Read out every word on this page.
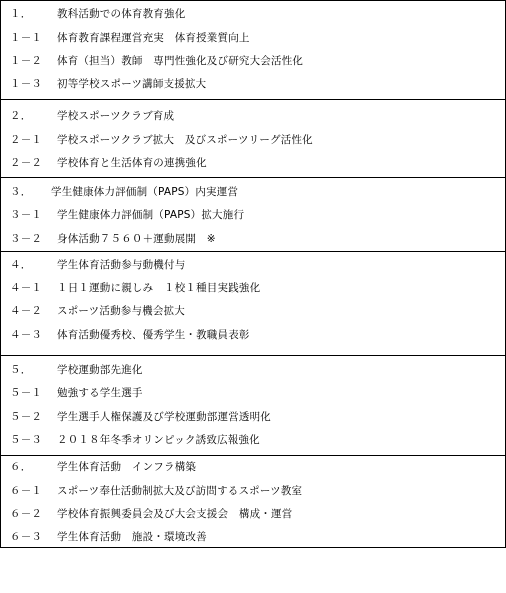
１．

教科活動での体育教育強化

１－１

体育教育課程運営充実　体育授業質向上

１－２

体育（担当）教師　専門性強化及び研究大会活性化

１－３

初等学校スポーツ講師支援拡大

２．

学校スポーツクラブ育成

２－１

学校スポーツクラブ拡大　及びスポーツリーグ活性化

２－２

学校体育と生活体育の連携強化

３．

学生健康体力評価制（PAPS）内実運営

３－１

学生健康体力評価制（PAPS）拡大施行

３－２

身体活動７５６０＋運動展開　※

４．

学生体育活動参与動機付与

４－１

１日１運動に親しみ　１校１種目実践強化

４－２

スポーツ活動参与機会拡大

４－３

体育活動優秀校、優秀学生・教職員表彰

５．

学校運動部先進化

５－１

勉強する学生選手

５－２

学生選手人権保護及び学校運動部運営透明化

５－３

２０１８年冬季オリンピック誘致広報強化

６．

学生体育活動　インフラ構築

６－１

スポーツ奉仕活動制拡大及び訪問するスポーツ教室

６－２

学校体育振興委員会及び大会支援会　構成・運営

６－３

学生体育活動　施設・環境改善
